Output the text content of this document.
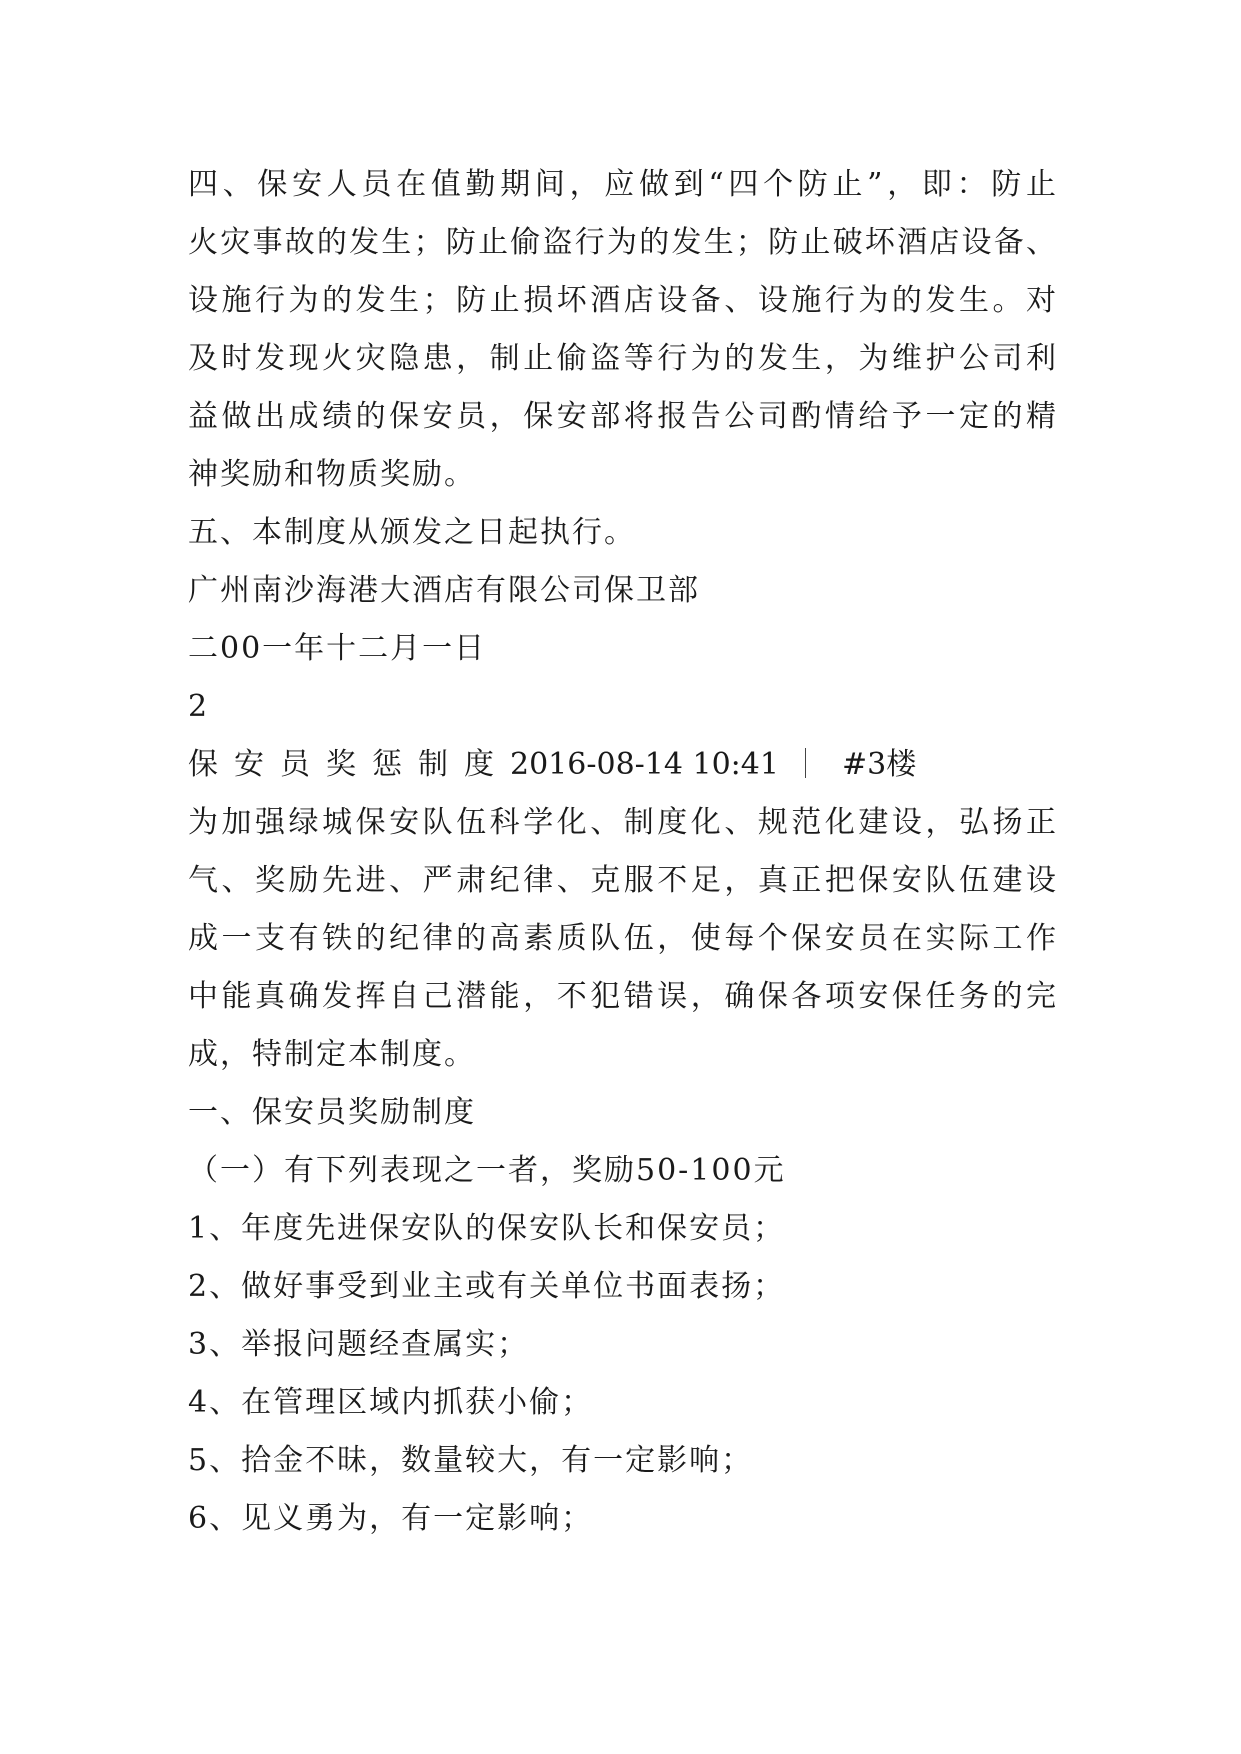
四、保安人员在值勤期间，应做到“四个防止”，即：防止
火灾事故的发生；防止偷盗行为的发生；防止破坏酒店设备、
设施行为的发生；防止损坏酒店设备、设施行为的发生。对
及时发现火灾隐患，制止偷盗等行为的发生，为维护公司利
益做出成绩的保安员，保安部将报告公司酌情给予一定的精
神奖励和物质奖励。
五、本制度从颁发之日起执行。
广州南沙海港大酒店有限公司保卫部
二00一年十二月一日
2
保安员奖惩制度2016-08-14 10:41 #3楼
为加强绿城保安队伍科学化、制度化、规范化建设，弘扬正
气、奖励先进、严肃纪律、克服不足，真正把保安队伍建设
成一支有铁的纪律的高素质队伍，使每个保安员在实际工作
中能真确发挥自己潜能，不犯错误，确保各项安保任务的完
成，特制定本制度。
一、保安员奖励制度
（一）有下列表现之一者，奖励50-100元
1、年度先进保安队的保安队长和保安员；
2、做好事受到业主或有关单位书面表扬；
3、举报问题经查属实；
4、在管理区域内抓获小偷；
5、拾金不昧，数量较大，有一定影响；
6、见义勇为，有一定影响；
